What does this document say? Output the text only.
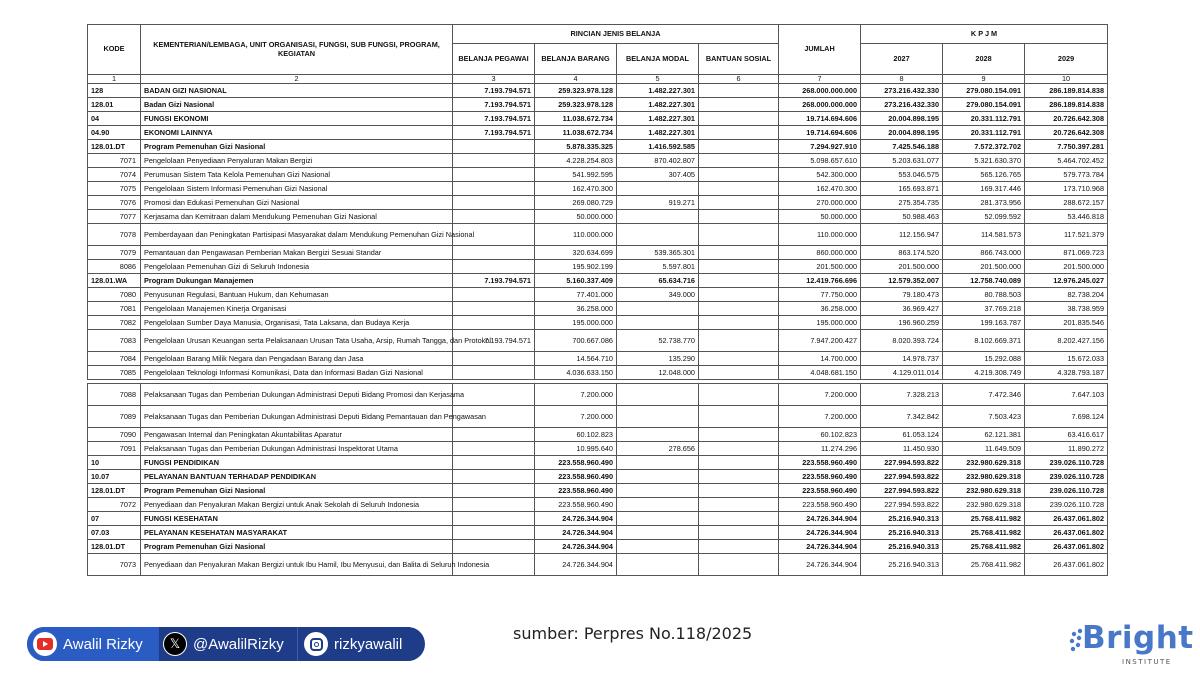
KODE	KEMENTERIAN/LEMBAGA, UNIT ORGANISASI, FUNGSI, SUB FUNGSI, PROGRAM, KEGIATAN	RINCIAN JENIS BELANJA				JUMLAH	K P J M		
		BELANJA PEGAWAI	BELANJA BARANG	BELANJA MODAL	BANTUAN SOSIAL		2027	2028	2029
1	2	3	4	5	6	7	8	9	10
128	BADAN GIZI NASIONAL	7.193.794.571	259.323.978.128	1.482.227.301		268.000.000.000	273.216.432.330	279.080.154.091	286.189.814.838
128.01	Badan Gizi Nasional	7.193.794.571	259.323.978.128	1.482.227.301		268.000.000.000	273.216.432.330	279.080.154.091	286.189.814.838
04	FUNGSI EKONOMI	7.193.794.571	11.038.672.734	1.482.227.301		19.714.694.606	20.004.898.195	20.331.112.791	20.726.642.308
04.90	EKONOMI LAINNYA	7.193.794.571	11.038.672.734	1.482.227.301		19.714.694.606	20.004.898.195	20.331.112.791	20.726.642.308
128.01.DT	Program Pemenuhan Gizi Nasional		5.878.335.325	1.416.592.585		7.294.927.910	7.425.546.188	7.572.372.702	7.750.397.281
7071	Pengelolaan Penyediaan Penyaluran Makan Bergizi		4.228.254.803	870.402.807		5.098.657.610	5.203.631.077	5.321.630.370	5.464.702.452
7074	Perumusan Sistem Tata Kelola Pemenuhan Gizi Nasional		541.992.595	307.405		542.300.000	553.046.575	565.126.765	579.773.784
7075	Pengelolaan Sistem Informasi Pemenuhan Gizi Nasional		162.470.300			162.470.300	165.693.871	169.317.446	173.710.968
7076	Promosi dan Edukasi Pemenuhan Gizi Nasional		269.080.729	919.271		270.000.000	275.354.735	281.373.956	288.672.157
7077	Kerjasama dan Kemitraan dalam Mendukung Pemenuhan Gizi Nasional		50.000.000			50.000.000	50.988.463	52.099.592	53.446.818
7078	Pemberdayaan dan Peningkatan Partisipasi Masyarakat dalam Mendukung Pemenuhan Gizi Nasional		110.000.000			110.000.000	112.156.947	114.581.573	117.521.379
7079	Pemantauan dan Pengawasan Pemberian Makan Bergizi Sesuai Standar		320.634.699	539.365.301		860.000.000	863.174.520	866.743.000	871.069.723
8086	Pengelolaan Pemenuhan Gizi di Seluruh Indonesia		195.902.199	5.597.801		201.500.000	201.500.000	201.500.000	201.500.000
128.01.WA	Program Dukungan Manajemen	7.193.794.571	5.160.337.409	65.634.716		12.419.766.696	12.579.352.007	12.758.740.089	12.976.245.027
7080	Penyusunan Regulasi, Bantuan Hukum, dan Kehumasan		77.401.000	349.000		77.750.000	79.180.473	80.788.503	82.738.204
7081	Pengelolaan Manajemen Kinerja Organisasi		36.258.000			36.258.000	36.969.427	37.769.218	38.738.959
7082	Pengelolaan Sumber Daya Manusia, Organisasi, Tata Laksana, dan Budaya Kerja		195.000.000			195.000.000	196.960.259	199.163.787	201.835.546
7083	Pengelolaan Urusan Keuangan serta Pelaksanaan Urusan Tata Usaha, Arsip, Rumah Tangga, dan Protokol	7.193.794.571	700.667.086	52.738.770		7.947.200.427	8.020.393.724	8.102.669.371	8.202.427.156
7084	Pengelolaan Barang Milik Negara dan Pengadaan Barang dan Jasa		14.564.710	135.290		14.700.000	14.978.737	15.292.088	15.672.033
7085	Pengelolaan Teknologi Informasi Komunikasi, Data dan Informasi Badan Gizi Nasional		4.036.633.150	12.048.000		4.048.681.150	4.129.011.014	4.219.308.749	4.328.793.187

7088	Pelaksanaan Tugas dan Pemberian Dukungan Administrasi Deputi Bidang Promosi dan Kerjasama		7.200.000			7.200.000	7.328.213	7.472.346	7.647.103
7089	Pelaksanaan Tugas dan Pemberian Dukungan Administrasi Deputi Bidang Pemantauan dan Pengawasan		7.200.000			7.200.000	7.342.842	7.503.423	7.698.124
7090	Pengawasan Internal dan Peningkatan Akuntabilitas Aparatur		60.102.823			60.102.823	61.053.124	62.121.381	63.416.617
7091	Pelaksanaan Tugas dan Pemberian Dukungan Administrasi Inspektorat Utama		10.995.640	278.656		11.274.296	11.450.930	11.649.509	11.890.272
10	FUNGSI PENDIDIKAN		223.558.960.490			223.558.960.490	227.994.593.822	232.980.629.318	239.026.110.728
10.07	PELAYANAN BANTUAN TERHADAP PENDIDIKAN		223.558.960.490			223.558.960.490	227.994.593.822	232.980.629.318	239.026.110.728
128.01.DT	Program Pemenuhan Gizi Nasional		223.558.960.490			223.558.960.490	227.994.593.822	232.980.629.318	239.026.110.728
7072	Penyediaan dan Penyaluran Makan Bergizi untuk Anak Sekolah di Seluruh Indonesia		223.558.960.490			223.558.960.490	227.994.593.822	232.980.629.318	239.026.110.728
07	FUNGSI KESEHATAN		24.726.344.904			24.726.344.904	25.216.940.313	25.768.411.982	26.437.061.802
07.03	PELAYANAN KESEHATAN MASYARAKAT		24.726.344.904			24.726.344.904	25.216.940.313	25.768.411.982	26.437.061.802
128.01.DT	Program Pemenuhan Gizi Nasional		24.726.344.904			24.726.344.904	25.216.940.313	25.768.411.982	26.437.061.802
7073	Penyediaan dan Penyaluran Makan Bergizi untuk Ibu Hamil, Ibu Menyusui, dan Balita di Seluruh Indonesia		24.726.344.904			24.726.344.904	25.216.940.313	25.768.411.982	26.437.061.802
Awalil Rizky	𝕏 @AwalilRizky	rizkyawalil
sumber: Perpres No.118/2025	Bright
INSTITUTE
